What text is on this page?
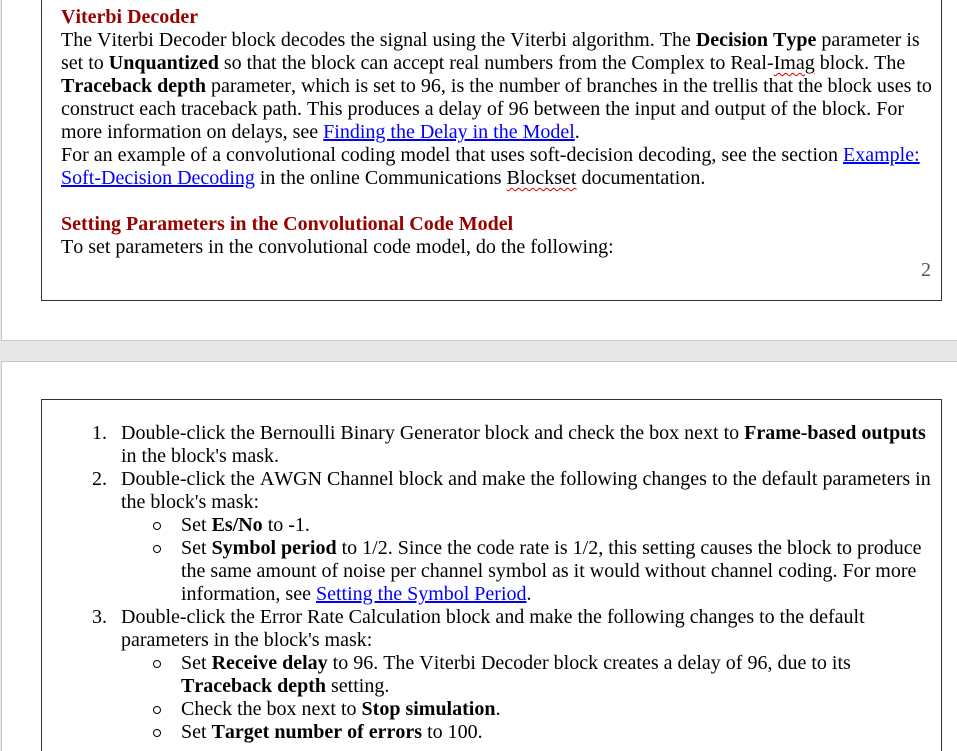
Viterbi Decoder

The Viterbi Decoder block decodes the signal using the Viterbi algorithm. The Decision Type parameter is set to Unquantized so that the block can accept real numbers from the Complex to Real-Imag block. The Traceback depth parameter, which is set to 96, is the number of branches in the trellis that the block uses to construct each traceback path. This produces a delay of 96 between the input and output of the block. For more information on delays, see Finding the Delay in the Model.

For an example of a convolutional coding model that uses soft-decision decoding, see the section Example: Soft-Decision Decoding in the online Communications Blockset documentation.

Setting Parameters in the Convolutional Code Model

To set parameters in the convolutional code model, do the following:

2
1. Double-click the Bernoulli Binary Generator block and check the box next to Frame-based outputs in the block's mask.

2. Double-click the AWGN Channel block and make the following changes to the default parameters in the block's mask:

Set Es/No to -1.

Set Symbol period to 1/2. Since the code rate is 1/2, this setting causes the block to produce the same amount of noise per channel symbol as it would without channel coding. For more information, see Setting the Symbol Period.

3. Double-click the Error Rate Calculation block and make the following changes to the default parameters in the block's mask:

Set Receive delay to 96. The Viterbi Decoder block creates a delay of 96, due to its Traceback depth setting.

Check the box next to Stop simulation.

Set Target number of errors to 100.
